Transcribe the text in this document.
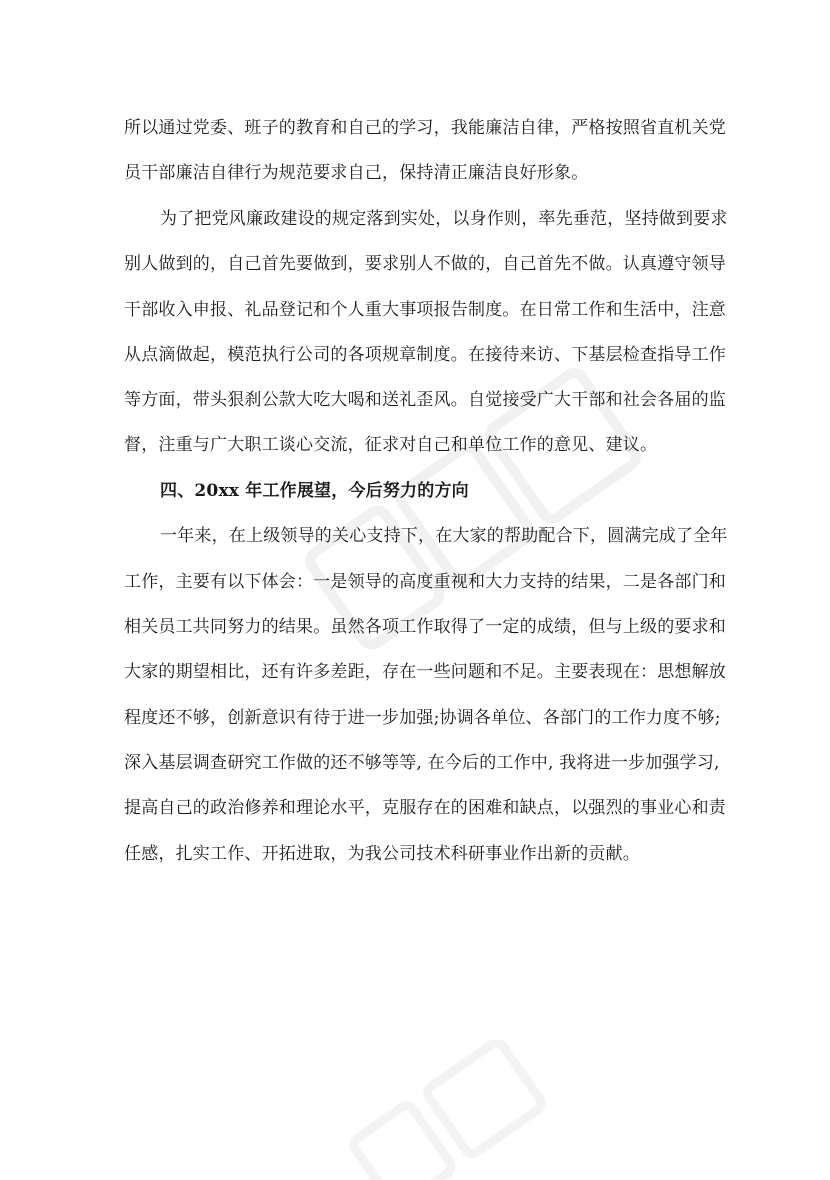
所以通过党委、班子的教育和自己的学习，我能廉洁自律，严格按照省直机关党
员干部廉洁自律行为规范要求自己，保持清正廉洁良好形象。
为了把党风廉政建设的规定落到实处，以身作则，率先垂范，坚持做到要求
别人做到的，自己首先要做到，要求别人不做的，自己首先不做。认真遵守领导
干部收入申报、礼品登记和个人重大事项报告制度。在日常工作和生活中，注意
从点滴做起，模范执行公司的各项规章制度。在接待来访、下基层检查指导工作
等方面，带头狠刹公款大吃大喝和送礼歪风。自觉接受广大干部和社会各届的监
督，注重与广大职工谈心交流，征求对自己和单位工作的意见、建议。
四、20xx 年工作展望，今后努力的方向
一年来，在上级领导的关心支持下，在大家的帮助配合下，圆满完成了全年
工作，主要有以下体会：一是领导的高度重视和大力支持的结果，二是各部门和
相关员工共同努力的结果。虽然各项工作取得了一定的成绩，但与上级的要求和
大家的期望相比，还有许多差距，存在一些问题和不足。主要表现在：思想解放
程度还不够，创新意识有待于进一步加强;协调各单位、各部门的工作力度不够;
深入基层调查研究工作做的还不够等等, 在今后的工作中, 我将进一步加强学习,
提高自己的政治修养和理论水平，克服存在的困难和缺点，以强烈的事业心和责
任感，扎实工作、开拓进取，为我公司技术科研事业作出新的贡献。
